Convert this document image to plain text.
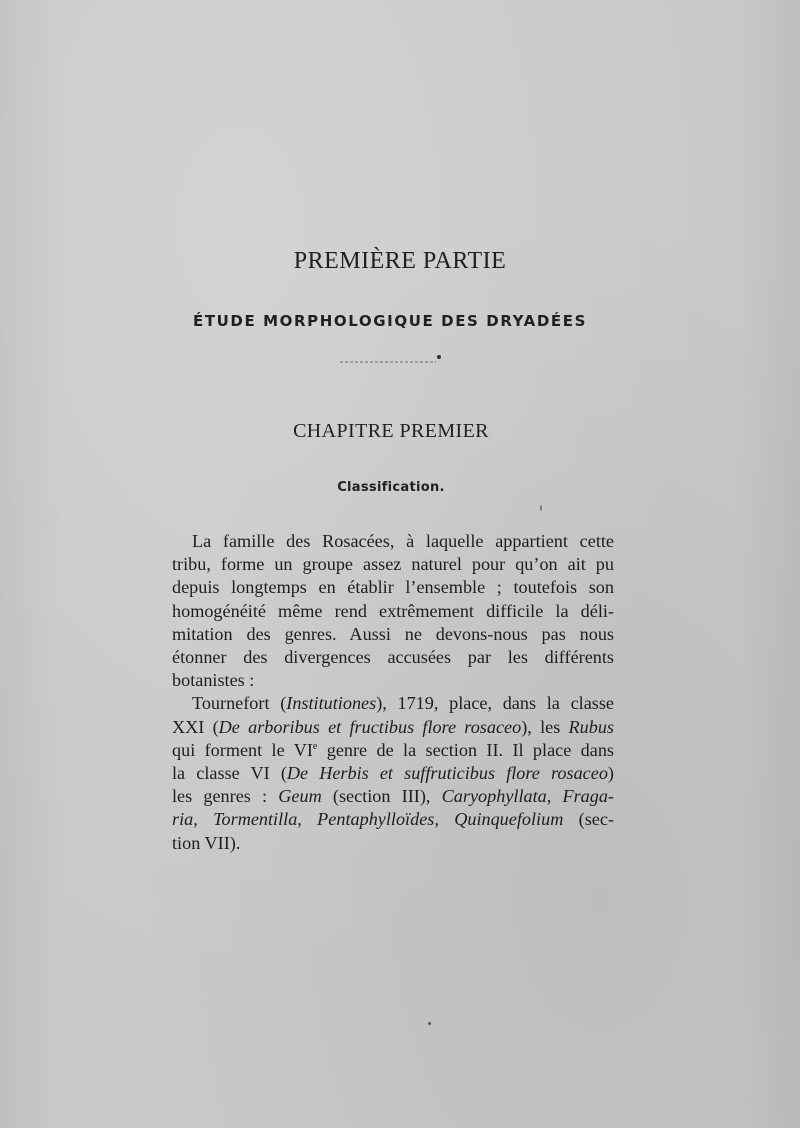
PREMIÈRE PARTIE
ÉTUDE MORPHOLOGIQUE DES DRYADÉES
CHAPITRE PREMIER
Classification.
La famille des Rosacées, à laquelle appartient cette
tribu, forme un groupe assez naturel pour qu’on ait pu
depuis longtemps en établir l’ensemble ; toutefois son
homogénéité même rend extrêmement difficile la déli-
mitation des genres. Aussi ne devons-nous pas nous
étonner des divergences accusées par les différents
botanistes :
Tournefort (Institutiones), 1719, place, dans la classe
XXI (De arboribus et fructibus flore rosaceo), les Rubus
qui forment le VIe genre de la section II. Il place dans
la classe VI (De Herbis et suffruticibus flore rosaceo)
les genres : Geum (section III), Caryophyllata, Fraga-
ria, Tormentilla, Pentaphylloïdes, Quinquefolium (sec-
tion VII).
